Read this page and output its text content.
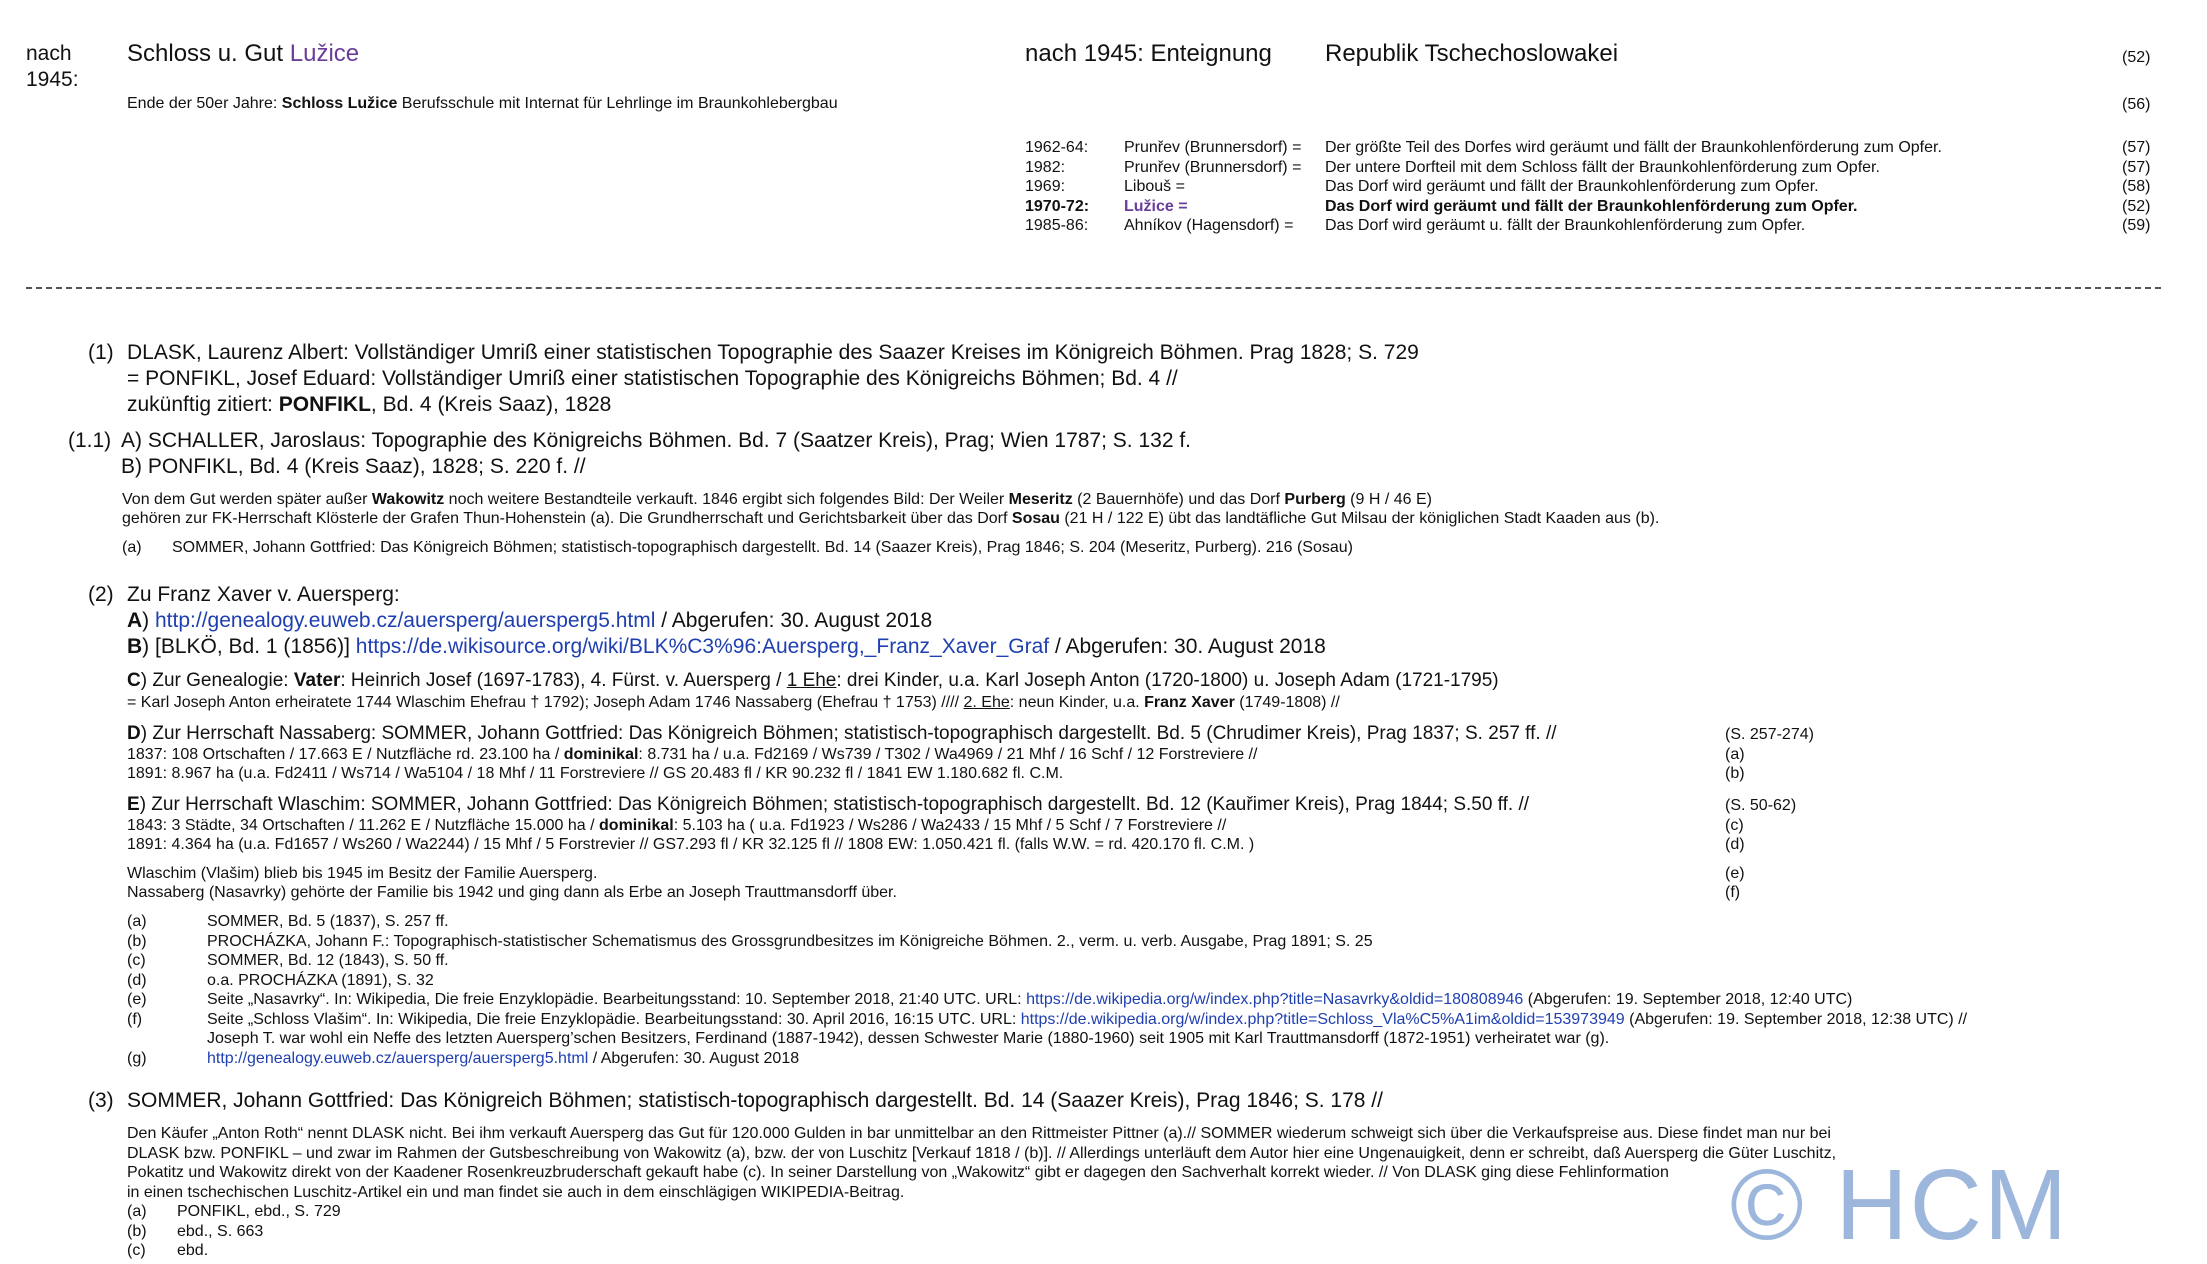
nach
1945:
Schloss u. Gut Lužice	nach 1945: Enteignung Republik Tschechoslowakei	(52)
Ende der 50er Jahre: Schloss Lužice Berufsschule mit Internat für Lehrlinge im Braunkohlebergbau	(56)
1962-64: Prunřev (Brunnersdorf) = Der größte Teil des Dorfes wird geräumt und fällt der Braunkohlenförderung zum Opfer.	(57)
1982:	Prunřev (Brunnersdorf) = Der untere Dorfteil mit dem Schloss fällt der Braunkohlenförderung zum Opfer.	(57)
1969:	Libouš =	Das Dorf wird geräumt und fällt der Braunkohlenförderung zum Opfer.	(58)
1970-72: Lužice =	Das Dorf wird geräumt und fällt der Braunkohlenförderung zum Opfer.	(52)
1985-86: Ahníkov (Hagensdorf) = Das Dorf wird geräumt u. fällt der Braunkohlenförderung zum Opfer.	(59)
(1) DLASK, Laurenz Albert: Vollständiger Umriß einer statistischen Topographie des Saazer Kreises im Königreich Böhmen. Prag 1828; S. 729
= PONFIKL, Josef Eduard: Vollständiger Umriß einer statistischen Topographie des Königreichs Böhmen; Bd. 4 //
zukünftig zitiert: PONFIKL, Bd. 4 (Kreis Saaz), 1828
(1.1) A) SCHALLER, Jaroslaus: Topographie des Königreichs Böhmen. Bd. 7 (Saatzer Kreis), Prag; Wien 1787; S. 132 f.
B) PONFIKL, Bd. 4 (Kreis Saaz), 1828; S. 220 f. //
Von dem Gut werden später außer Wakowitz noch weitere Bestandteile verkauft. 1846 ergibt sich folgendes Bild: Der Weiler Meseritz (2 Bauernhöfe) und das Dorf Purberg (9 H / 46 E)
gehören zur FK-Herrschaft Klösterle der Grafen Thun-Hohenstein (a). Die Grundherrschaft und Gerichtsbarkeit über das Dorf Sosau (21 H / 122 E) übt das landtäfliche Gut Milsau der königlichen Stadt Kaaden aus (b).
(a) SOMMER, Johann Gottfried: Das Königreich Böhmen; statistisch-topographisch dargestellt. Bd. 14 (Saazer Kreis), Prag 1846; S. 204 (Meseritz, Purberg). 216 (Sosau)
(2) Zu Franz Xaver v. Auersperg:
A) http://genealogy.euweb.cz/auersperg/auersperg5.html / Abgerufen: 30. August 2018
B) [BLKÖ, Bd. 1 (1856)] https://de.wikisource.org/wiki/BLK%C3%96:Auersperg,_Franz_Xaver_Graf / Abgerufen: 30. August 2018
C) Zur Genealogie: Vater: Heinrich Josef (1697-1783), 4. Fürst. v. Auersperg / 1 Ehe: drei Kinder, u.a. Karl Joseph Anton (1720-1800) u. Joseph Adam (1721-1795)
= Karl Joseph Anton erheiratete 1744 Wlaschim Ehefrau † 1792); Joseph Adam 1746 Nassaberg (Ehefrau † 1753) //// 2. Ehe: neun Kinder, u.a. Franz Xaver (1749-1808) //
D) Zur Herrschaft Nassaberg: SOMMER, Johann Gottfried: Das Königreich Böhmen; statistisch-topographisch dargestellt. Bd. 5 (Chrudimer Kreis), Prag 1837; S. 257 ff. //	(S. 257-274)
1837: 108 Ortschaften / 17.663 E / Nutzfläche rd. 23.100 ha / dominikal: 8.731 ha / u.a. Fd2169 / Ws739 / T302 / Wa4969 / 21 Mhf / 16 Schf / 12 Forstreviere //	(a)
1891: 8.967 ha (u.a. Fd2411 / Ws714 / Wa5104 / 18 Mhf / 11 Forstreviere // GS 20.483 fl / KR 90.232 fl / 1841 EW 1.180.682 fl. C.M.	(b)
E) Zur Herrschaft Wlaschim: SOMMER, Johann Gottfried: Das Königreich Böhmen; statistisch-topographisch dargestellt. Bd. 12 (Kauřimer Kreis), Prag 1844; S.50 ff. //	(S. 50-62)
1843: 3 Städte, 34 Ortschaften / 11.262 E / Nutzfläche 15.000 ha / dominikal: 5.103 ha ( u.a. Fd1923 / Ws286 / Wa2433 / 15 Mhf / 5 Schf / 7 Forstreviere //	(c)
1891: 4.364 ha (u.a. Fd1657 / Ws260 / Wa2244) / 15 Mhf / 5 Forstrevier // GS7.293 fl / KR 32.125 fl // 1808 EW: 1.050.421 fl. (falls W.W. = rd. 420.170 fl. C.M. )	(d)
Wlaschim (Vlašim) blieb bis 1945 im Besitz der Familie Auersperg.	(e)
Nassaberg (Nasavrky) gehörte der Familie bis 1942 und ging dann als Erbe an Joseph Trauttmansdorff über.	(f)
(a)	SOMMER, Bd. 5 (1837), S. 257 ff.
(b)	PROCHÁZKA, Johann F.: Topographisch-statistischer Schematismus des Grossgrundbesitzes im Königreiche Böhmen. 2., verm. u. verb. Ausgabe, Prag 1891; S. 25
(c)	SOMMER, Bd. 12 (1843), S. 50 ff.
(d)	o.a. PROCHÁZKA (1891), S. 32
(e)	Seite „Nasavrky“. In: Wikipedia, Die freie Enzyklopädie. Bearbeitungsstand: 10. September 2018, 21:40 UTC. URL: https://de.wikipedia.org/w/index.php?title=Nasavrky&oldid=180808946 (Abgerufen: 19. September 2018, 12:40 UTC)
(f)	Seite „Schloss Vlašim“. In: Wikipedia, Die freie Enzyklopädie. Bearbeitungsstand: 30. April 2016, 16:15 UTC. URL: https://de.wikipedia.org/w/index.php?title=Schloss_Vla%C5%A1im&oldid=153973949 (Abgerufen: 19. September 2018, 12:38 UTC) //
Joseph T. war wohl ein Neffe des letzten Auersperg’schen Besitzers, Ferdinand (1887-1942), dessen Schwester Marie (1880-1960) seit 1905 mit Karl Trauttmansdorff (1872-1951) verheiratet war (g).
(g)	http://genealogy.euweb.cz/auersperg/auersperg5.html / Abgerufen: 30. August 2018
(3) SOMMER, Johann Gottfried: Das Königreich Böhmen; statistisch-topographisch dargestellt. Bd. 14 (Saazer Kreis), Prag 1846; S. 178 //
Den Käufer „Anton Roth“ nennt DLASK nicht. Bei ihm verkauft Auersperg das Gut für 120.000 Gulden in bar unmittelbar an den Rittmeister Pittner (a).// SOMMER wiederum schweigt sich über die Verkaufspreise aus. Diese findet man nur bei
DLASK bzw. PONFIKL – und zwar im Rahmen der Gutsbeschreibung von Wakowitz (a), bzw. der von Luschitz [Verkauf 1818 / (b)]. // Allerdings unterläuft dem Autor hier eine Ungenauigkeit, denn er schreibt, daß Auersperg die Güter Luschitz,
Pokatitz und Wakowitz direkt von der Kaadener Rosenkreuzbruderschaft gekauft habe (c). In seiner Darstellung von „Wakowitz“ gibt er dagegen den Sachverhalt korrekt wieder. // Von DLASK ging diese Fehlinformation
in einen tschechischen Luschitz-Artikel ein und man findet sie auch in dem einschlägigen WIKIPEDIA-Beitrag.
(a) PONFIKL, ebd., S. 729
(b) ebd., S. 663
(c) ebd.	© HCM
